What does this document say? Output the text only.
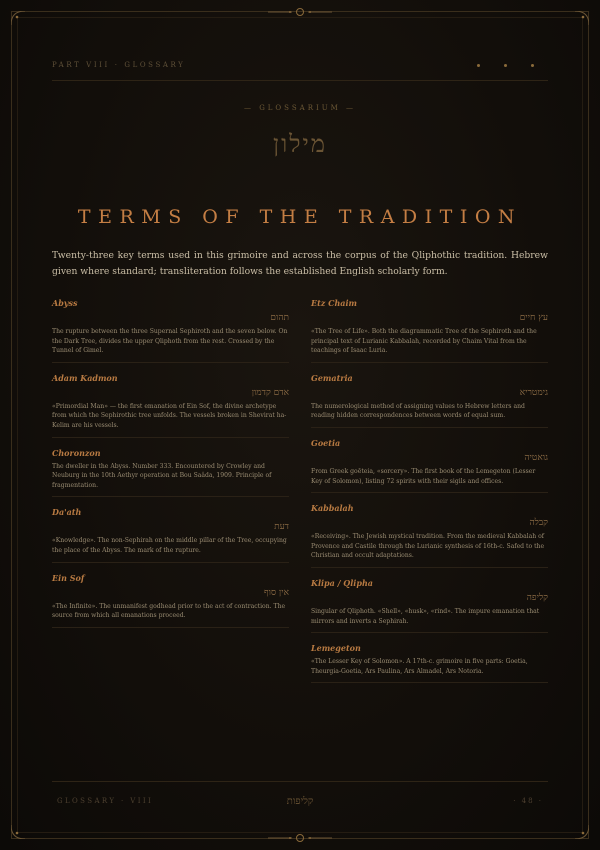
PART VIII · GLOSSARY
— GLOSSARIUM —
מילון
TERMS OF THE TRADITION
Twenty-three key terms used in this grimoire and across the corpus of the Qliphothic tradition. Hebrew given where standard; transliteration follows the established English scholarly form.
Abyss
תהום
The rupture between the three Supernal Sephiroth and the seven below. On the Dark Tree, divides the upper Qliphoth from the rest. Crossed by the Tunnel of Gimel.
Adam Kadmon
אדם קדמון
«Primordial Man» — the first emanation of Ein Sof, the divine archetype from which the Sephirothic tree unfolds. The vessels broken in Shevirat ha-Kelim are his vessels.
Choronzon
The dweller in the Abyss. Number 333. Encountered by Crowley and Neuburg in the 10th Aethyr operation at Bou Saâda, 1909. Principle of fragmentation.
Da'ath
דעת
«Knowledge». The non-Sephirah on the middle pillar of the Tree, occupying the place of the Abyss. The mark of the rupture.
Ein Sof
אין סוף
«The Infinite». The unmanifest godhead prior to the act of contraction. The source from which all emanations proceed.
Etz Chaim
עץ חיים
«The Tree of Life». Both the diagrammatic Tree of the Sephiroth and the principal text of Lurianic Kabbalah, recorded by Chaim Vital from the teachings of Isaac Luria.
Gematria
גימטריא
The numerological method of assigning values to Hebrew letters and reading hidden correspondences between words of equal sum.
Goetia
גואטיה
From Greek goēteia, «sorcery». The first book of the Lemegeton (Lesser Key of Solomon), listing 72 spirits with their sigils and offices.
Kabbalah
קבלה
«Receiving». The Jewish mystical tradition. From the medieval Kabbalah of Provence and Castile through the Lurianic synthesis of 16th-c. Safed to the Christian and occult adaptations.
Klipa / Qlipha
קליפה
Singular of Qliphoth. «Shell», «husk», «rind». The impure emanation that mirrors and inverts a Sephirah.
Lemegeton
«The Lesser Key of Solomon». A 17th-c. grimoire in five parts: Goetia, Theurgia-Goetia, Ars Paulina, Ars Almadel, Ars Notoria.
GLOSSARY · VIII	קליפות	· 48 ·
